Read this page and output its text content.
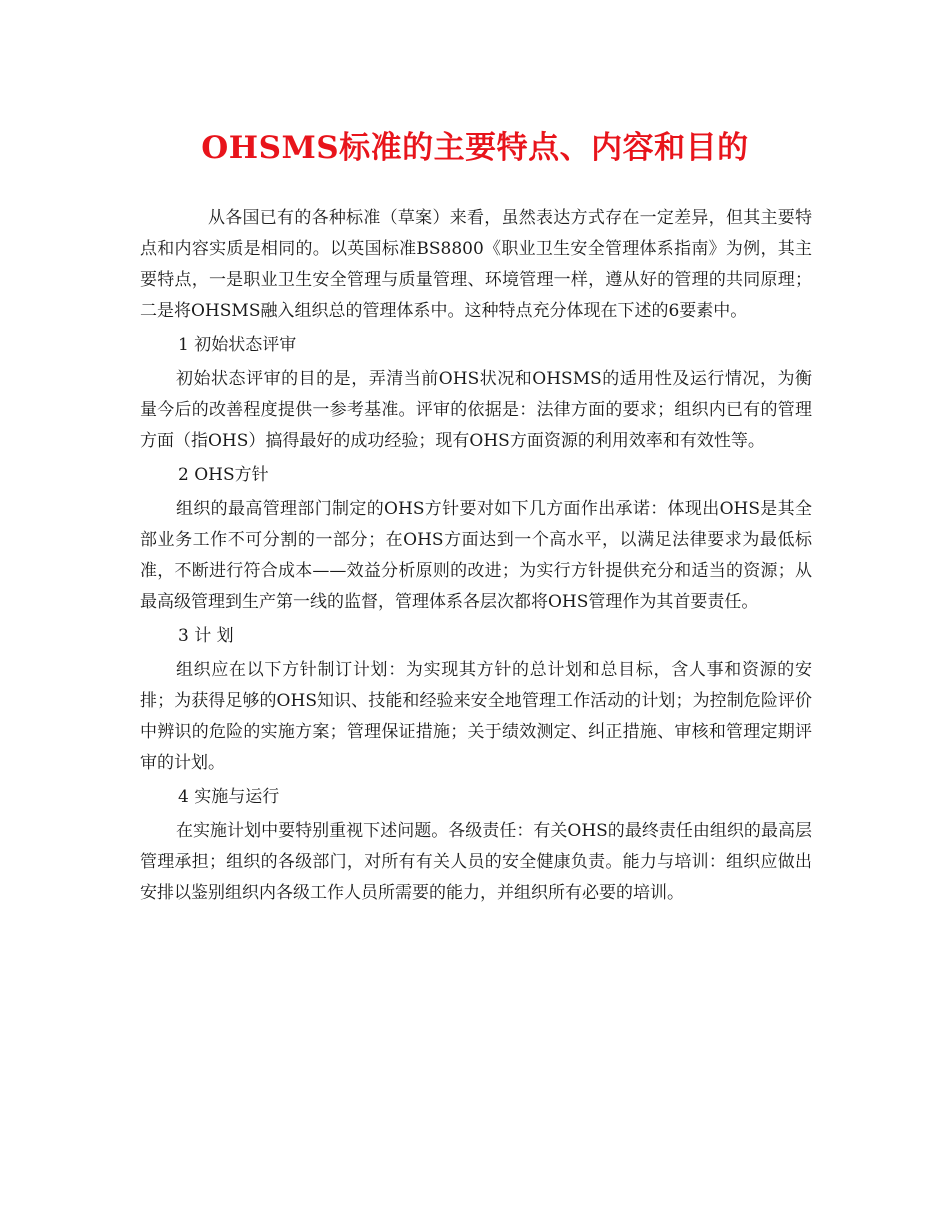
OHSMS标准的主要特点、内容和目的

从各国已有的各种标准（草案）来看，虽然表达方式存在一定差异，但其主要特点和内容实质是相同的。以英国标准BS8800《职业卫生安全管理体系指南》为例，其主要特点，一是职业卫生安全管理与质量管理、环境管理一样，遵从好的管理的共同原理；二是将OHSMS融入组织总的管理体系中。这种特点充分体现在下述的6要素中。

1 初始状态评审

初始状态评审的目的是，弄清当前OHS状况和OHSMS的适用性及运行情况，为衡量今后的改善程度提供一参考基准。评审的依据是：法律方面的要求；组织内已有的管理方面（指OHS）搞得最好的成功经验；现有OHS方面资源的利用效率和有效性等。

2 OHS方针

组织的最高管理部门制定的OHS方针要对如下几方面作出承诺：体现出OHS是其全部业务工作不可分割的一部分；在OHS方面达到一个高水平，以满足法律要求为最低标准，不断进行符合成本——效益分析原则的改进；为实行方针提供充分和适当的资源；从最高级管理到生产第一线的监督，管理体系各层次都将OHS管理作为其首要责任。

3 计 划

组织应在以下方针制订计划：为实现其方针的总计划和总目标，含人事和资源的安排；为获得足够的OHS知识、技能和经验来安全地管理工作活动的计划；为控制危险评价中辨识的危险的实施方案；管理保证措施；关于绩效测定、纠正措施、审核和管理定期评审的计划。

4 实施与运行

在实施计划中要特别重视下述问题。各级责任：有关OHS的最终责任由组织的最高层管理承担；组织的各级部门，对所有有关人员的安全健康负责。能力与培训：组织应做出安排以鉴别组织内各级工作人员所需要的能力，并组织所有必要的培训。
